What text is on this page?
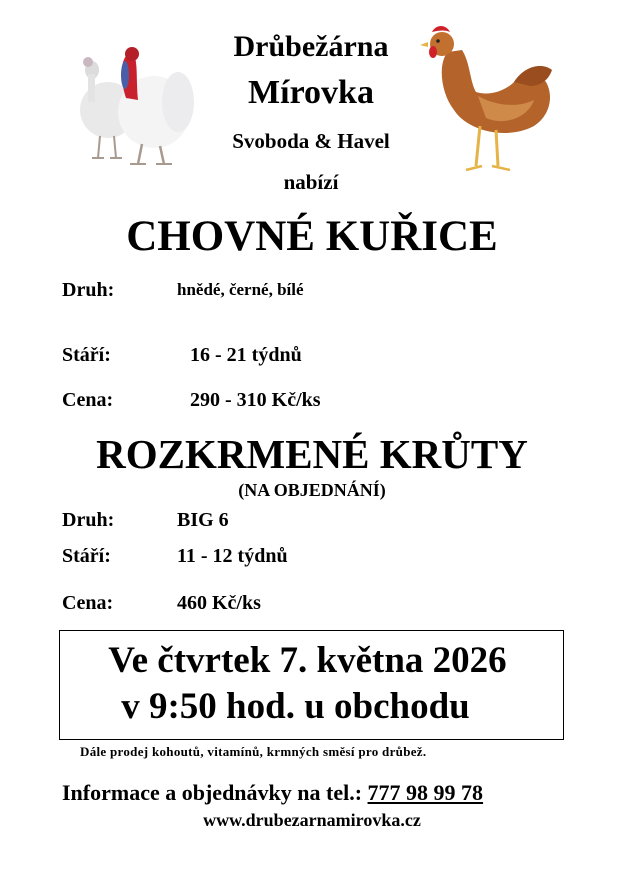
Drůbežárna
Mírovka
Svoboda & Havel
nabízí
CHOVNÉ KUŘICE
Druh:	hnědé, černé, bílé
Stáří:	16 - 21 týdnů
Cena:	290 - 310 Kč/ks
ROZKRMENÉ KRŮTY
(NA OBJEDNÁNÍ)
Druh:	BIG 6
Stáří:	11 - 12 týdnů
Cena:	460 Kč/ks
Ve čtvrtek 7. května 2026
v 9:50 hod. u obchodu
Dále prodej kohoutů, vitamínů, krmných směsí pro drůbež.
Informace a objednávky na tel.: 777 98 99 78
www.drubezarnamirovka.cz
